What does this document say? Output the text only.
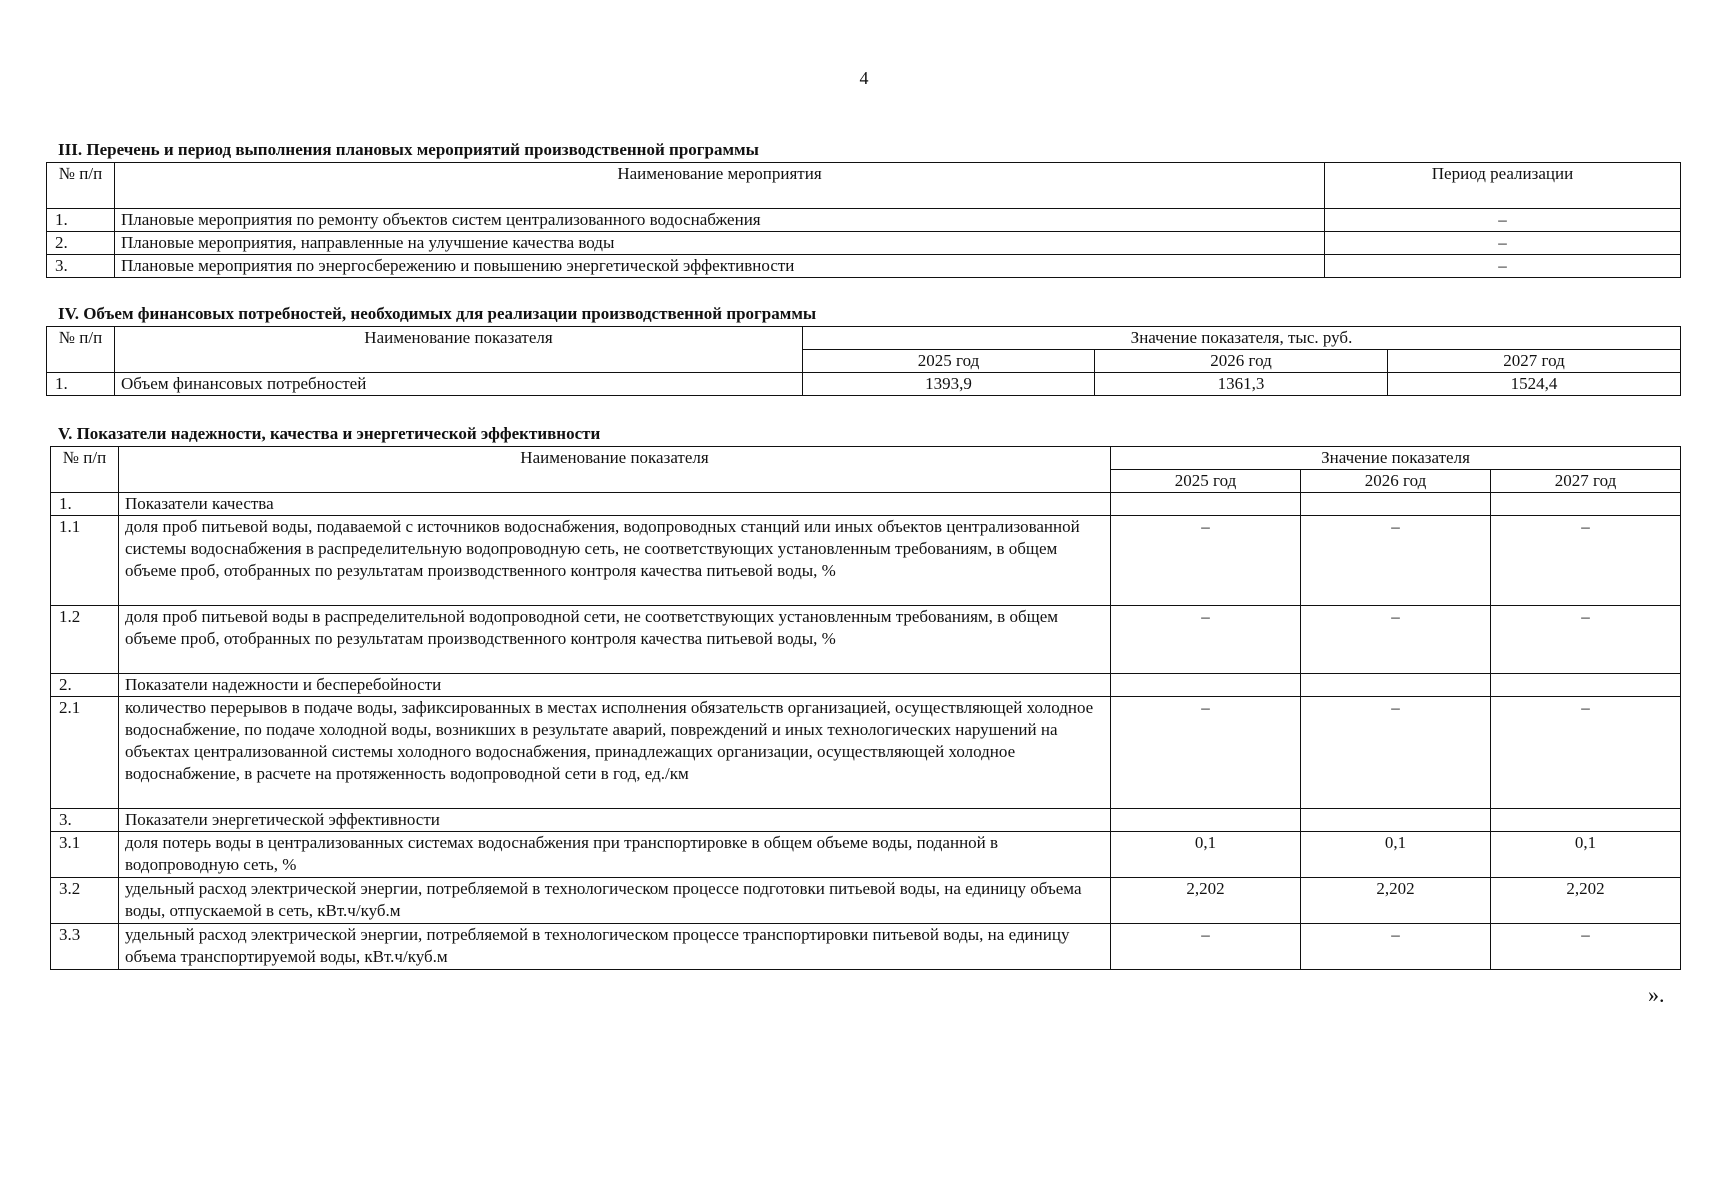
4
III. Перечень и период выполнения плановых мероприятий производственной программы
№ п/п	Наименование мероприятия	Период реализации
1.	Плановые мероприятия по ремонту объектов систем централизованного водоснабжения	–
2.	Плановые мероприятия, направленные на улучшение качества воды	–
3.	Плановые мероприятия по энергосбережению и повышению энергетической эффективности	–
IV. Объем финансовых потребностей, необходимых для реализации производственной программы
№ п/п	Наименование показателя	Значение показателя, тыс. руб.		
		2025 год	2026 год	2027 год
1.	Объем финансовых потребностей	1393,9	1361,3	1524,4
V. Показатели надежности, качества и энергетической эффективности
№ п/п	Наименование показателя	Значение показателя		
		2025 год	2026 год	2027 год
1.	Показатели качества			
1.1	доля проб питьевой воды, подаваемой с источников водоснабжения, водопроводных станций или иных объектов централизованной системы водоснабжения в распределительную водопроводную сеть, не соответствующих установленным требованиям, в общем объеме проб, отобранных по результатам производственного контроля качества питьевой воды, %	–	–	–
1.2	доля проб питьевой воды в распределительной водопроводной сети, не соответствующих установленным требованиям, в общем объеме проб, отобранных по результатам производственного контроля качества питьевой воды, %	–	–	–
2.	Показатели надежности и бесперебойности			
2.1	количество перерывов в подаче воды, зафиксированных в местах исполнения обязательств организацией, осуществляющей холодное водоснабжение, по подаче холодной воды, возникших в результате аварий, повреждений и иных технологических нарушений на объектах централизованной системы холодного водоснабжения, принадлежащих организации, осуществляющей холодное водоснабжение, в расчете на протяженность водопроводной сети в год, ед./км	–	–	–
3.	Показатели энергетической эффективности			
3.1	доля потерь воды в централизованных системах водоснабжения при транспортировке в общем объеме воды, поданной в водопроводную сеть, %	0,1	0,1	0,1
3.2	удельный расход электрической энергии, потребляемой в технологическом процессе подготовки питьевой воды, на единицу объема воды, отпускаемой в сеть, кВт.ч/куб.м	2,202	2,202	2,202
3.3	удельный расход электрической энергии, потребляемой в технологическом процессе транспортировки питьевой воды, на единицу объема транспортируемой воды, кВт.ч/куб.м	–	–	–
».
